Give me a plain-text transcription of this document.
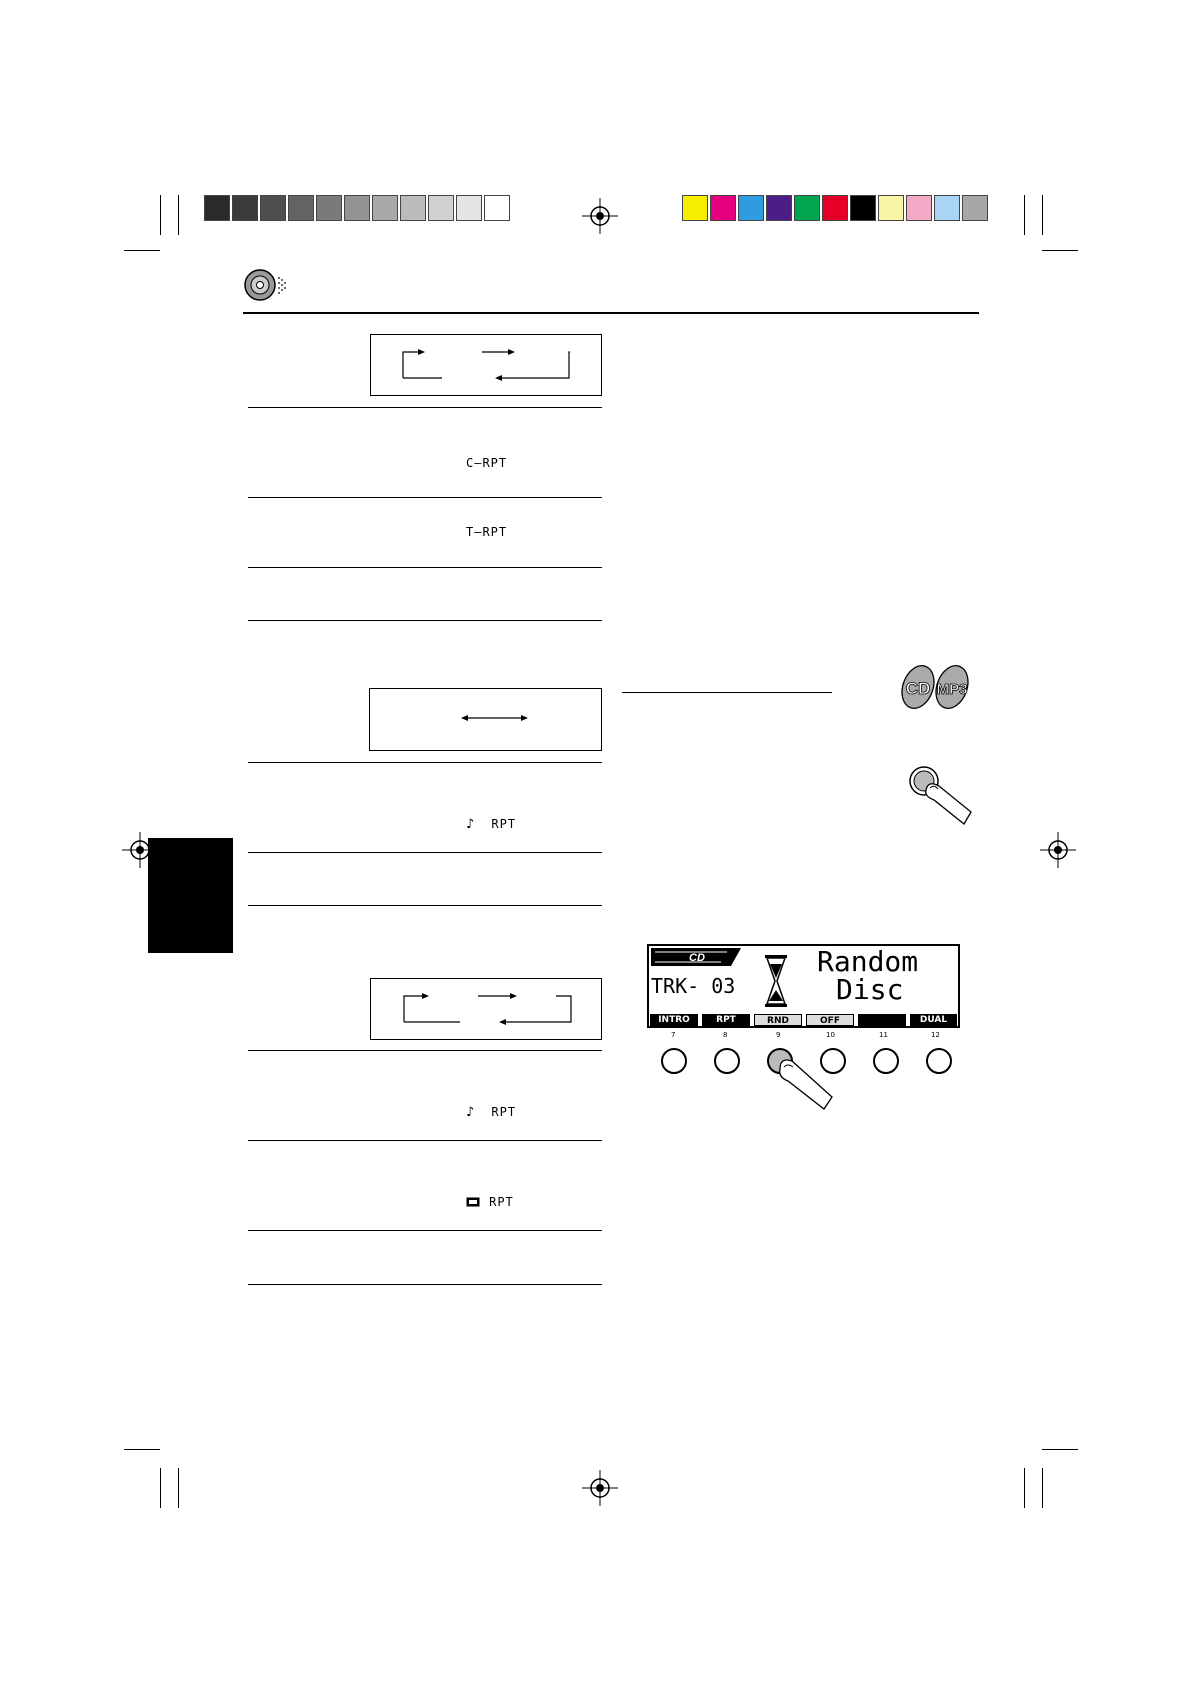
C–RPT
T–RPT
♪ RPT
♪ RPT
RPT
CD MP3
CD	Random
Disc
TRK- 03
INTRO	RPT	RND	OFF	DUAL
7	8	9	10	11	12
